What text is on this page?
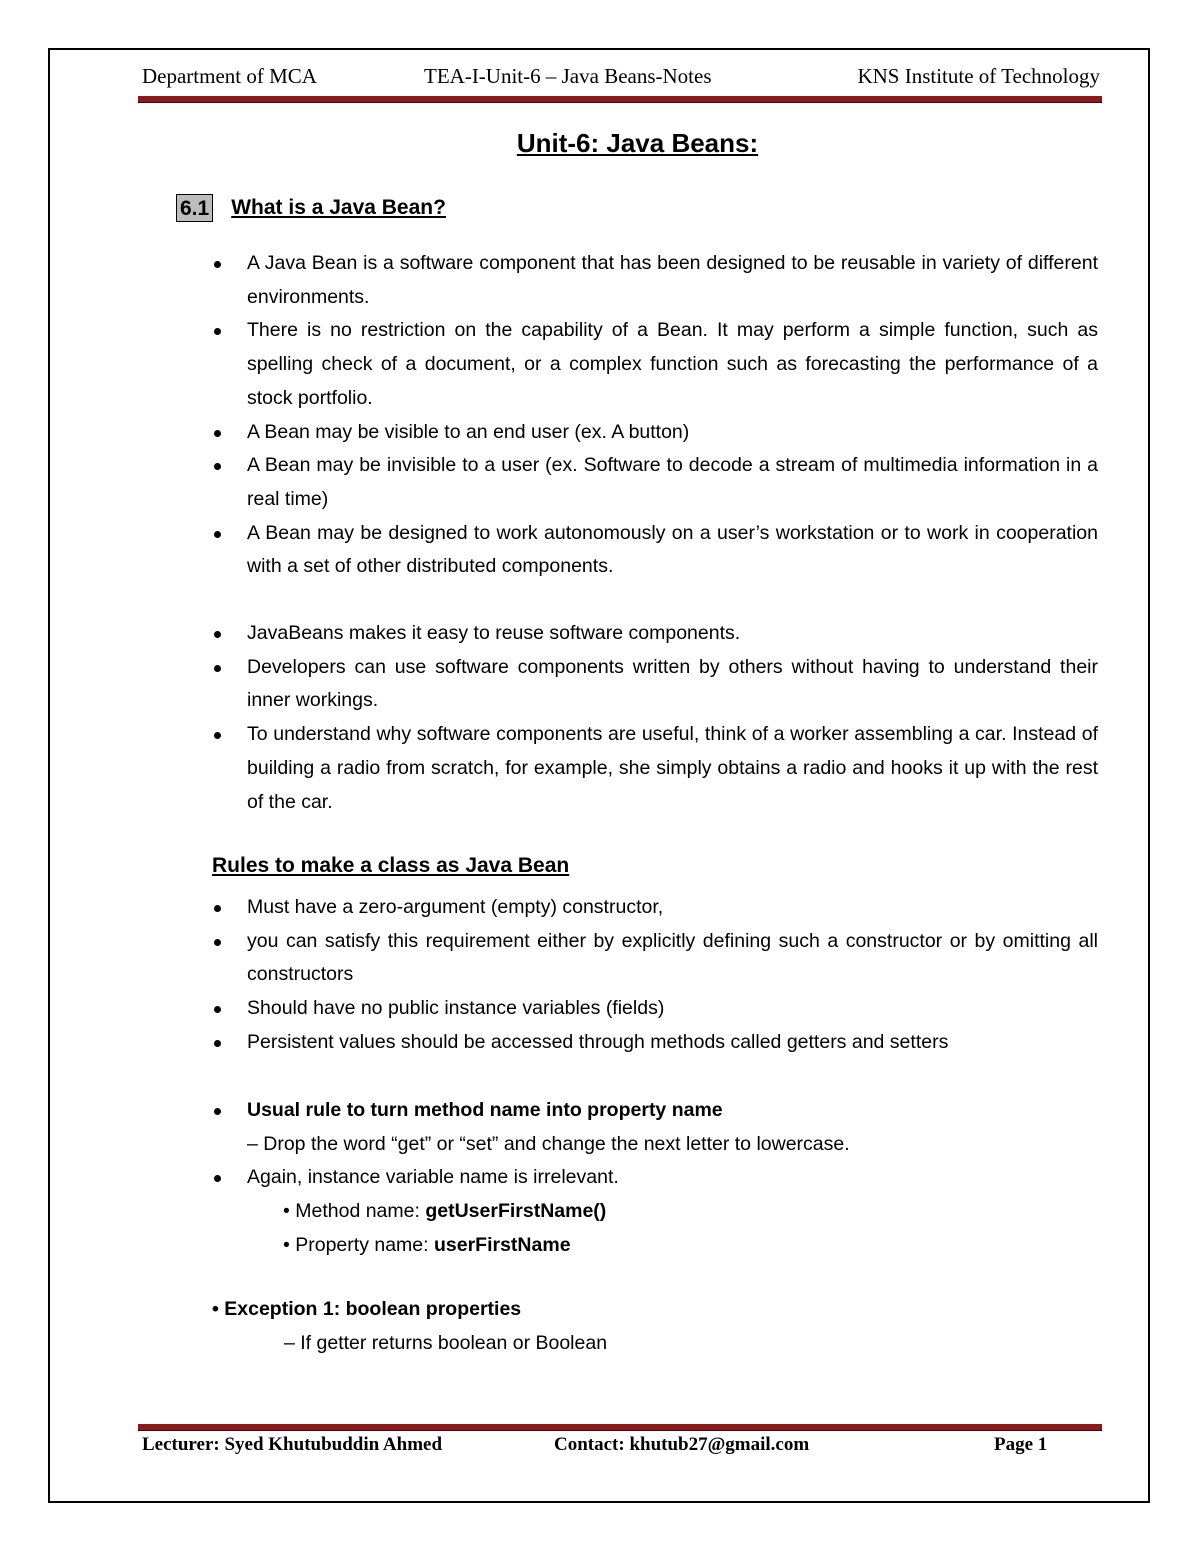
Department of MCA	TEA-I-Unit-6 – Java Beans-Notes	KNS Institute of Technology
Unit-6: Java Beans:
6.1 What is a Java Bean?
A Java Bean is a software component that has been designed to be reusable in variety of different environments.
There is no restriction on the capability of a Bean. It may perform a simple function, such as spelling check of a document, or a complex function such as forecasting the performance of a stock portfolio.
A Bean may be visible to an end user (ex. A button)
A Bean may be invisible to a user (ex. Software to decode a stream of multimedia information in a real time)
A Bean may be designed to work autonomously on a user’s workstation or to work in cooperation with a set of other distributed components.
JavaBeans makes it easy to reuse software components.
Developers can use software components written by others without having to understand their inner workings.
To understand why software components are useful, think of a worker assembling a car. Instead of building a radio from scratch, for example, she simply obtains a radio and hooks it up with the rest of the car.
Rules to make a class as Java Bean
Must have a zero-argument (empty) constructor,
you can satisfy this requirement either by explicitly defining such a constructor or by omitting all constructors
Should have no public instance variables (fields)
Persistent values should be accessed through methods called getters and setters
Usual rule to turn method name into property name
– Drop the word “get” or “set” and change the next letter to lowercase.
Again, instance variable name is irrelevant.
• Method name: getUserFirstName()
• Property name: userFirstName
• Exception 1: boolean properties
– If getter returns boolean or Boolean
Lecturer: Syed Khutubuddin Ahmed	Contact: khutub27@gmail.com	Page 1
